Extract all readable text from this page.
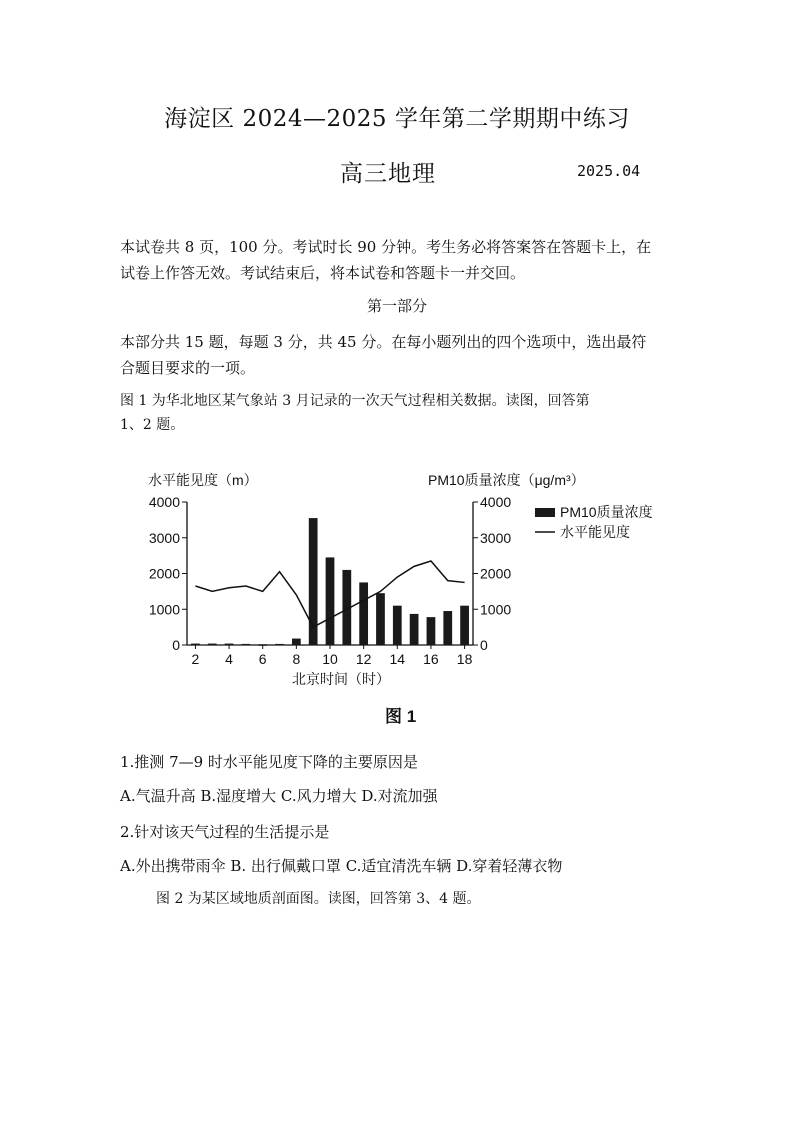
海淀区 2024—2025 学年第二学期期中练习
高三地理	2025.04
本试卷共 8 页，100 分。考试时长 90 分钟。考生务必将答案答在答题卡上，在
试卷上作答无效。考试结束后，将本试卷和答题卡一并交回。
第一部分
本部分共 15 题，每题 3 分，共 45 分。在每小题列出的四个选项中，选出最符
合题目要求的一项。
图 1 为华北地区某气象站 3 月记录的一次天气过程相关数据。读图，回答第
1、2 题。
水平能见度（m）	PM10质量浓度（μg/m³）
0	0
1000	1000
2000	2000
3000	3000
4000	4000
2 4 6 8 10 12 14 16 18
PM10质量浓度
水平能见度
北京时间（时）
图 1
1.推测 7—9 时水平能见度下降的主要原因是
A.气温升高 B.湿度增大 C.风力增大 D.对流加强
2.针对该天气过程的生活提示是
A.外出携带雨伞 B. 出行佩戴口罩 C.适宜清洗车辆 D.穿着轻薄衣物
图 2 为某区域地质剖面图。读图，回答第 3、4 题。
